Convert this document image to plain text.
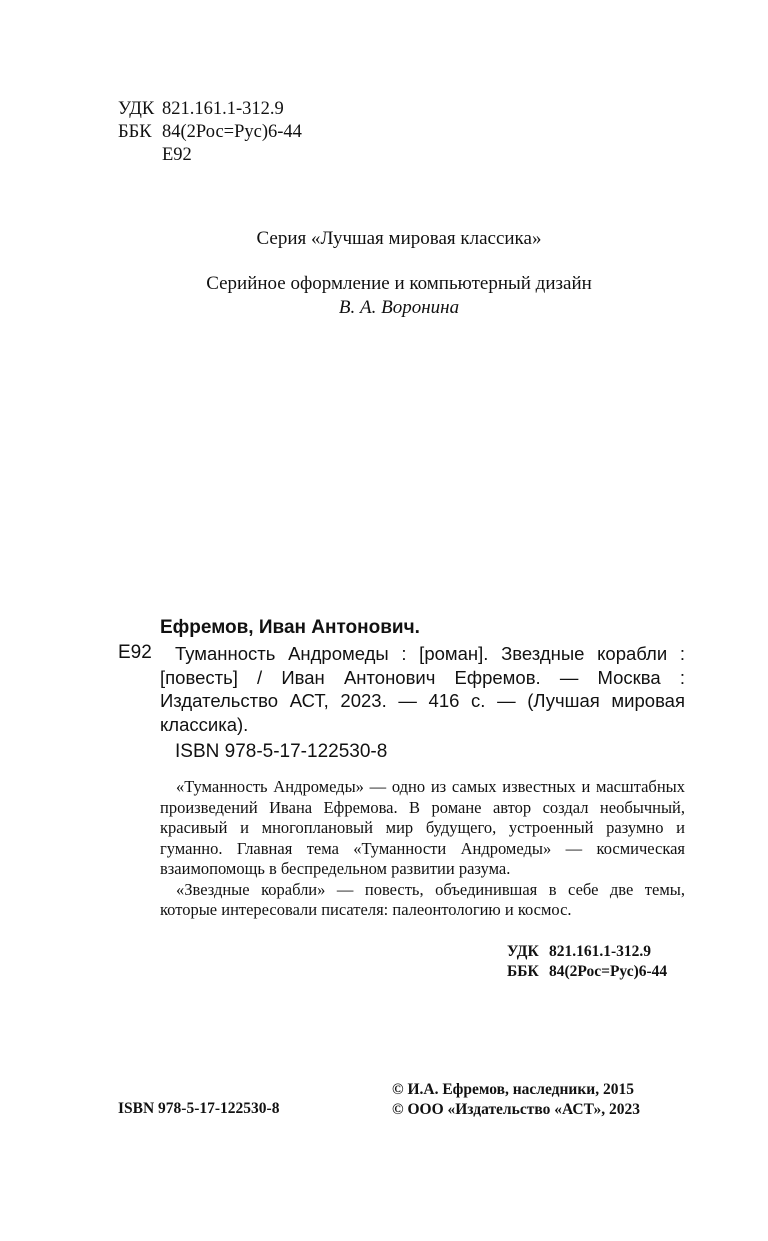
УДК 821.161.1-312.9
ББК 84(2Рос=Рус)6-44
Е92
Серия «Лучшая мировая классика»
Серийное оформление и компьютерный дизайн
В. А. Воронина
Ефремов, Иван Антонович.
Е92	Туманность Андромеды : [роман]. Звездные корабли : [повесть] / Иван Антонович Ефремов. — Москва : Издательство АСТ, 2023. — 416 с. — (Лучшая мировая классика).
ISBN 978-5-17-122530-8

«Туманность Андромеды» — одно из самых известных и масштабных произведений Ивана Ефремова. В романе автор создал необычный, красивый и многоплановый мир будущего, устроенный разумно и гуманно. Главная тема «Туманности Андромеды» — космическая взаимопомощь в беспредельном развитии разума.

«Звездные корабли» — повесть, объединившая в себе две темы, которые интересовали писателя: палеонтологию и космос.

УДК 821.161.1-312.9
ББК 84(2Рос=Рус)6-44
© И.А. Ефремов, наследники, 2015
© ООО «Издательство «АСТ», 2023
ISBN 978-5-17-122530-8
